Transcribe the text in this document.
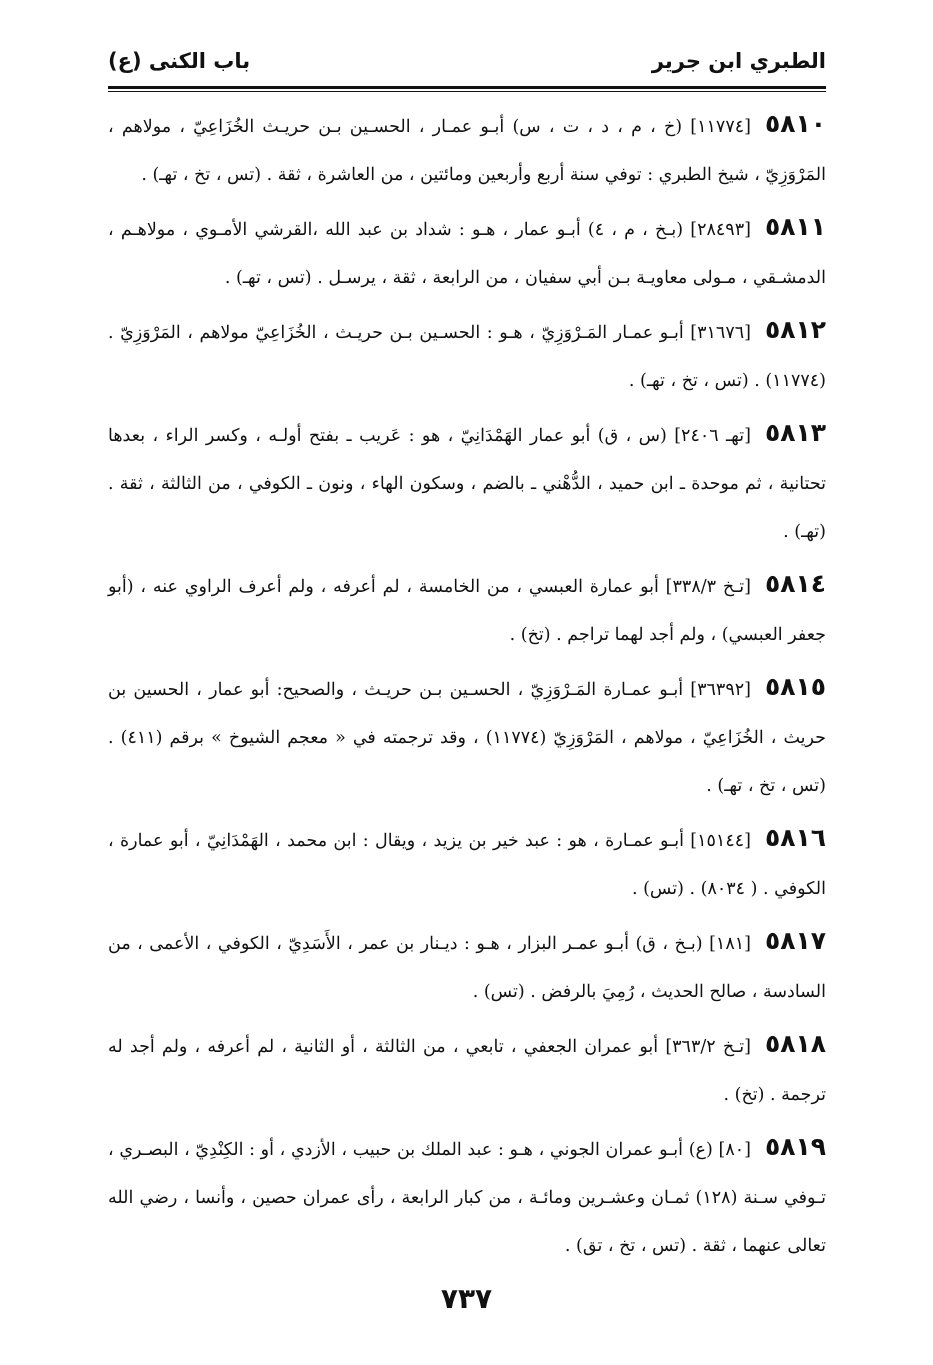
الطبري ابن جرير
باب الكنى (ع)

٥٨١٠[١١٧٧٤] (خ ، م ، د ، ت ، س) أبـو عمـار ، الحسـين بـن حريـث الخُزَاعِيّ ، مولاهم ، المَرْوَزِيّ ، شيخ الطبري : توفي سنة أربع وأربعين ومائتين ، من العاشرة ، ثقة . (تس ، تخ ، تهـ) .

٥٨١١[٢٨٤٩٣] (بـخ ، م ، ٤) أبـو عمار ، هـو : شداد بن عبد الله ،القرشي الأمـوي ، مولاهـم ، الدمشـقي ، مـولى معاويـة بـن أبي سفيان ، من الرابعة ، ثقة ، يرسـل . (تس ، تهـ) .

٥٨١٢[٣١٦٧٦] أبـو عمـار المَـرْوَزِيّ ، هـو : الحسـين بـن حريـث ، الخُزَاعِيّ مولاهم ، المَرْوَزِيّ . (١١٧٧٤) . (تس ، تخ ، تهـ) .

٥٨١٣[تهـ ٢٤٠٦] (س ، ق) أبو عمار الهَمْدَانِيّ ، هو : عَريب ـ بفتح أولـه ، وكسر الراء ، بعدها تحتانية ، ثم موحدة ـ ابن حميد ، الدُّهْني ـ بالضم ، وسكون الهاء ، ونون ـ الكوفي ، من الثالثة ، ثقة . (تهـ) .

٥٨١٤[تـخ ٣٣٨/٣] أبو عمارة العبسي ، من الخامسة ، لم أعرفه ، ولم أعرف الراوي عنه ، (أبو جعفر العبسي) ، ولم أجد لهما تراجم . (تخ) .

٥٨١٥[٣٦٣٩٢] أبـو عمـارة المَـرْوَزِيّ ، الحسـين بـن حريـث ، والصحيح: أبو عمار ، الحسين بن حريث ، الخُزَاعِيّ ، مولاهم ، المَرْوَزِيّ (١١٧٧٤) ، وقد ترجمته في « معجم الشيوخ » برقم (٤١١) . (تس ، تخ ، تهـ) .

٥٨١٦[١٥١٤٤] أبـو عمـارة ، هو : عبد خير بن يزيد ، ويقال : ابن محمد ، الهَمْدَانِيّ ، أبو عمارة ، الكوفي . ( ٨٠٣٤) . (تس) .

٥٨١٧[١٨١] (بـخ ، ق) أبـو عمـر البزار ، هـو : ديـنار بن عمر ، الأَسَدِيّ ، الكوفي ، الأعمى ، من السادسة ، صالح الحديث ، رُمِيَ بالرفض . (تس) .

٥٨١٨[تـخ ٣٦٣/٢] أبو عمران الجعفي ، تابعي ، من الثالثة ، أو الثانية ، لم أعرفه ، ولم أجد له ترجمة . (تخ) .

٥٨١٩[٨٠] (ع) أبـو عمران الجوني ، هـو : عبد الملك بن حبيب ، الأزدي ، أو : الكِنْدِيّ ، البصـري ، تـوفي سـنة (١٢٨) ثمـان وعشـرين ومائـة ، من كبار الرابعة ، رأى عمران حصين ، وأنسا ، رضي الله تعالى عنهما ، ثقة . (تس ، تخ ، تق) .

٧٣٧
